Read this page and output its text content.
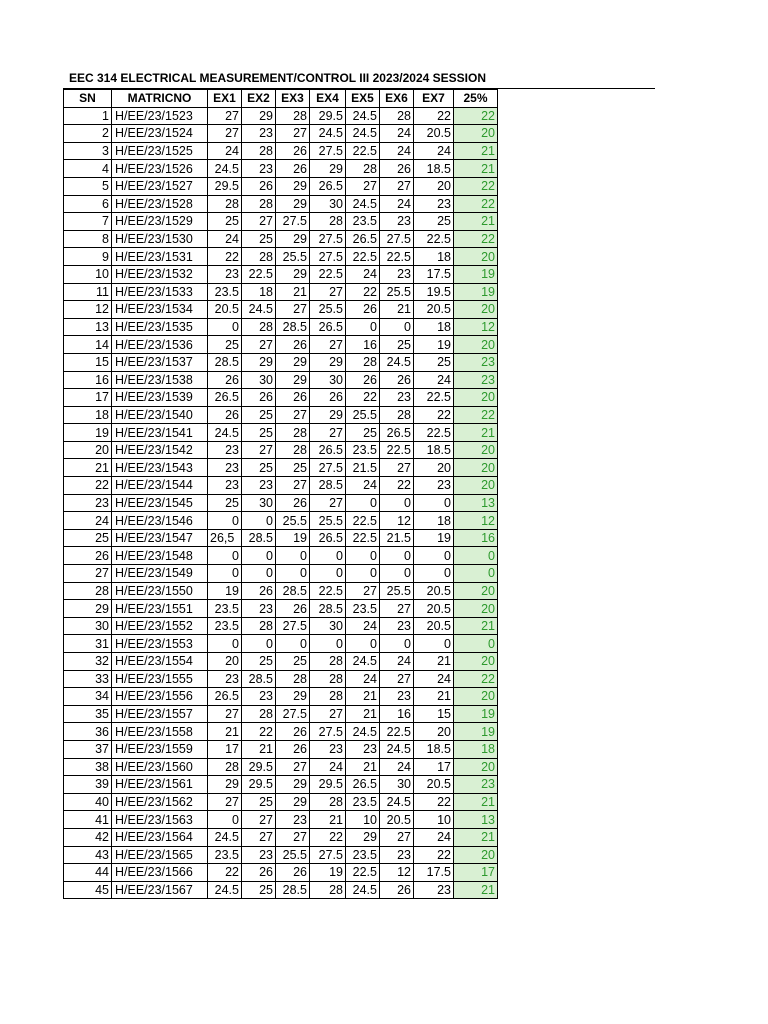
EEC 314 ELECTRICAL MEASUREMENT/CONTROL III 2023/2024 SESSION
SN	MATRICNO	EX1	EX2	EX3	EX4	EX5	EX6	EX7	25%
1	H/EE/23/1523	27	29	28	29.5	24.5	28	22	22
2	H/EE/23/1524	27	23	27	24.5	24.5	24	20.5	20
3	H/EE/23/1525	24	28	26	27.5	22.5	24	24	21
4	H/EE/23/1526	24.5	23	26	29	28	26	18.5	21
5	H/EE/23/1527	29.5	26	29	26.5	27	27	20	22
6	H/EE/23/1528	28	28	29	30	24.5	24	23	22
7	H/EE/23/1529	25	27	27.5	28	23.5	23	25	21
8	H/EE/23/1530	24	25	29	27.5	26.5	27.5	22.5	22
9	H/EE/23/1531	22	28	25.5	27.5	22.5	22.5	18	20
10	H/EE/23/1532	23	22.5	29	22.5	24	23	17.5	19
11	H/EE/23/1533	23.5	18	21	27	22	25.5	19.5	19
12	H/EE/23/1534	20.5	24.5	27	25.5	26	21	20.5	20
13	H/EE/23/1535	0	28	28.5	26.5	0	0	18	12
14	H/EE/23/1536	25	27	26	27	16	25	19	20
15	H/EE/23/1537	28.5	29	29	29	28	24.5	25	23
16	H/EE/23/1538	26	30	29	30	26	26	24	23
17	H/EE/23/1539	26.5	26	26	26	22	23	22.5	20
18	H/EE/23/1540	26	25	27	29	25.5	28	22	22
19	H/EE/23/1541	24.5	25	28	27	25	26.5	22.5	21
20	H/EE/23/1542	23	27	28	26.5	23.5	22.5	18.5	20
21	H/EE/23/1543	23	25	25	27.5	21.5	27	20	20
22	H/EE/23/1544	23	23	27	28.5	24	22	23	20
23	H/EE/23/1545	25	30	26	27	0	0	0	13
24	H/EE/23/1546	0	0	25.5	25.5	22.5	12	18	12
25	H/EE/23/1547	26,5	28.5	19	26.5	22.5	21.5	19	16
26	H/EE/23/1548	0	0	0	0	0	0	0	0
27	H/EE/23/1549	0	0	0	0	0	0	0	0
28	H/EE/23/1550	19	26	28.5	22.5	27	25.5	20.5	20
29	H/EE/23/1551	23.5	23	26	28.5	23.5	27	20.5	20
30	H/EE/23/1552	23.5	28	27.5	30	24	23	20.5	21
31	H/EE/23/1553	0	0	0	0	0	0	0	0
32	H/EE/23/1554	20	25	25	28	24.5	24	21	20
33	H/EE/23/1555	23	28.5	28	28	24	27	24	22
34	H/EE/23/1556	26.5	23	29	28	21	23	21	20
35	H/EE/23/1557	27	28	27.5	27	21	16	15	19
36	H/EE/23/1558	21	22	26	27.5	24.5	22.5	20	19
37	H/EE/23/1559	17	21	26	23	23	24.5	18.5	18
38	H/EE/23/1560	28	29.5	27	24	21	24	17	20
39	H/EE/23/1561	29	29.5	29	29.5	26.5	30	20.5	23
40	H/EE/23/1562	27	25	29	28	23.5	24.5	22	21
41	H/EE/23/1563	0	27	23	21	10	20.5	10	13
42	H/EE/23/1564	24.5	27	27	22	29	27	24	21
43	H/EE/23/1565	23.5	23	25.5	27.5	23.5	23	22	20
44	H/EE/23/1566	22	26	26	19	22.5	12	17.5	17
45	H/EE/23/1567	24.5	25	28.5	28	24.5	26	23	21
